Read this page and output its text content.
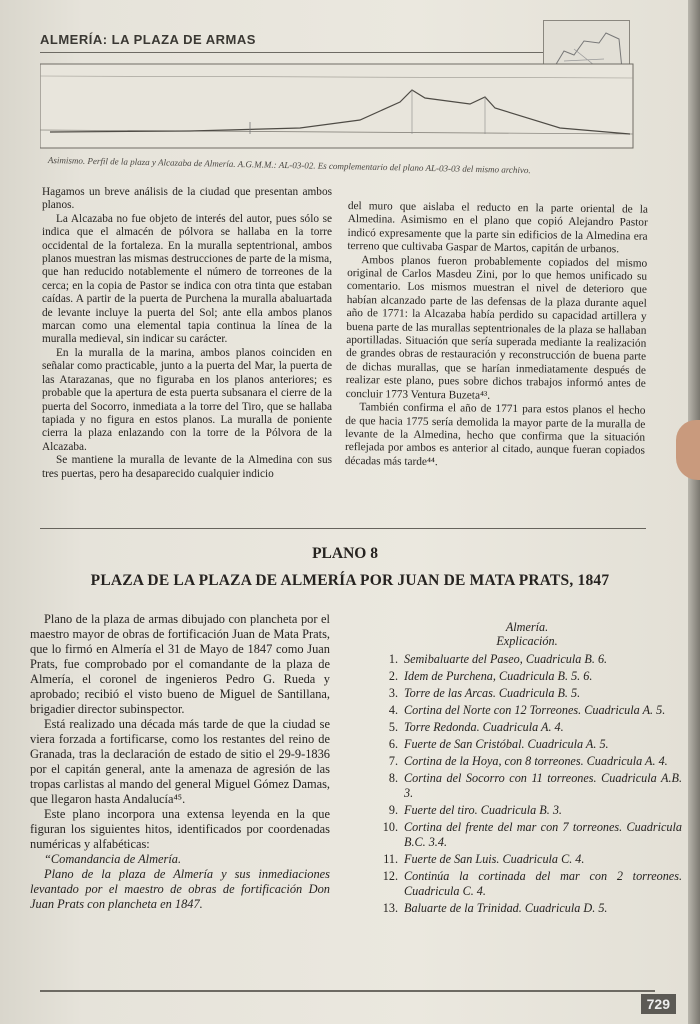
ALMERÍA: LA PLAZA DE ARMAS
Asimismo. Perfil de la plaza y Alcazaba de Almería. A.G.M.M.: AL-03-02. Es complementario del plano AL-03-03 del mismo archivo.

Hagamos un breve análisis de la ciudad que presentan ambos planos.

La Alcazaba no fue objeto de interés del autor, pues sólo se indica que el almacén de pólvora se hallaba en la torre occidental de la fortaleza. En la muralla septentrional, ambos planos muestran las mismas destrucciones de parte de la misma, que han reducido notablemente el número de torreones de la cerca; en la copia de Pastor se indica con otra tinta que estaban caídas. A partir de la puerta de Purchena la muralla abaluartada de levante incluye la puerta del Sol; ante ella ambos planos marcan como una elemental tapia continua la línea de la muralla medieval, sin indicar su carácter.

En la muralla de la marina, ambos planos coinciden en señalar como practicable, junto a la puerta del Mar, la puerta de las Atarazanas, que no figuraba en los planos anteriores; es probable que la apertura de esta puerta subsanara el cierre de la puerta del Socorro, inmediata a la torre del Tiro, que se hallaba tapiada y no figura en estos planos. La muralla de poniente cierra la plaza enlazando con la torre de la Pólvora de la Alcazaba.

Se mantiene la muralla de levante de la Almedina con sus tres puertas, pero ha desaparecido cualquier indicio

del muro que aislaba el reducto en la parte oriental de la Almedina. Asimismo en el plano que copió Alejandro Pastor indicó expresamente que la parte sin edificios de la Almedina era terreno que cultivaba Gaspar de Martos, capitán de urbanos.

Ambos planos fueron probablemente copiados del mismo original de Carlos Masdeu Zini, por lo que hemos unificado su comentario. Los mismos muestran el nivel de deterioro que habían alcanzado parte de las defensas de la plaza durante aquel año de 1771: la Alcazaba había perdido su capacidad artillera y buena parte de las murallas septentrionales de la plaza se hallaban aportilladas. Situación que sería superada mediante la realización de grandes obras de restauración y reconstrucción de buena parte de dichas murallas, que se harían inmediatamente después de realizar este plano, pues sobre dichos trabajos informó antes de concluir 1773 Ventura Buzeta⁴³.

También confirma el año de 1771 para estos planos el hecho de que hacia 1775 sería demolida la mayor parte de la muralla de levante de la Almedina, hecho que confirma que la situación reflejada por ambos es anterior al citado, aunque fueran copiados décadas más tarde⁴⁴.

PLANO 8
PLAZA DE LA PLAZA DE ALMERÍA POR JUAN DE MATA PRATS, 1847

Plano de la plaza de armas dibujado con plancheta por el maestro mayor de obras de fortificación Juan de Mata Prats, que lo firmó en Almería el 31 de Mayo de 1847 como Juan Prats, fue comprobado por el comandante de la plaza de Almería, el coronel de ingenieros Pedro G. Rueda y aprobado; recibió el visto bueno de Miguel de Santillana, brigadier director subinspector.

Está realizado una década más tarde de que la ciudad se viera forzada a fortificarse, como los restantes del reino de Granada, tras la declaración de estado de sitio el 29-9-1836 por el capitán general, ante la amenaza de agresión de las tropas carlistas al mando del general Miguel Gómez Damas, que llegaron hasta Andalucía⁴⁵.

Este plano incorpora una extensa leyenda en la que figuran los siguientes hitos, identificados por coordenadas numéricas y alfabéticas:

“Comandancia de Almería.

Plano de la plaza de Almería y sus inmediaciones levantado por el maestro de obras de fortificación Don Juan Prats con plancheta en 1847.

Almería.
Explicación.
1. Semibaluarte del Paseo, Cuadricula B. 6.
2. Idem de Purchena, Cuadricula B. 5. 6.
3. Torre de las Arcas. Cuadricula B. 5.
4. Cortina del Norte con 12 Torreones. Cuadricula A. 5.
5. Torre Redonda. Cuadricula A. 4.
6. Fuerte de San Cristóbal. Cuadricula A. 5.
7. Cortina de la Hoya, con 8 torreones. Cuadricula A. 4.
8. Cortina del Socorro con 11 torreones. Cuadricula A.B. 3.
9. Fuerte del tiro. Cuadricula B. 3.
10. Cortina del frente del mar con 7 torreones. Cuadricula B.C. 3.4.
11. Fuerte de San Luis. Cuadricula C. 4.
12. Continúa la cortinada del mar con 2 torreones. Cuadricula C. 4.
13. Baluarte de la Trinidad. Cuadricula D. 5.
729
